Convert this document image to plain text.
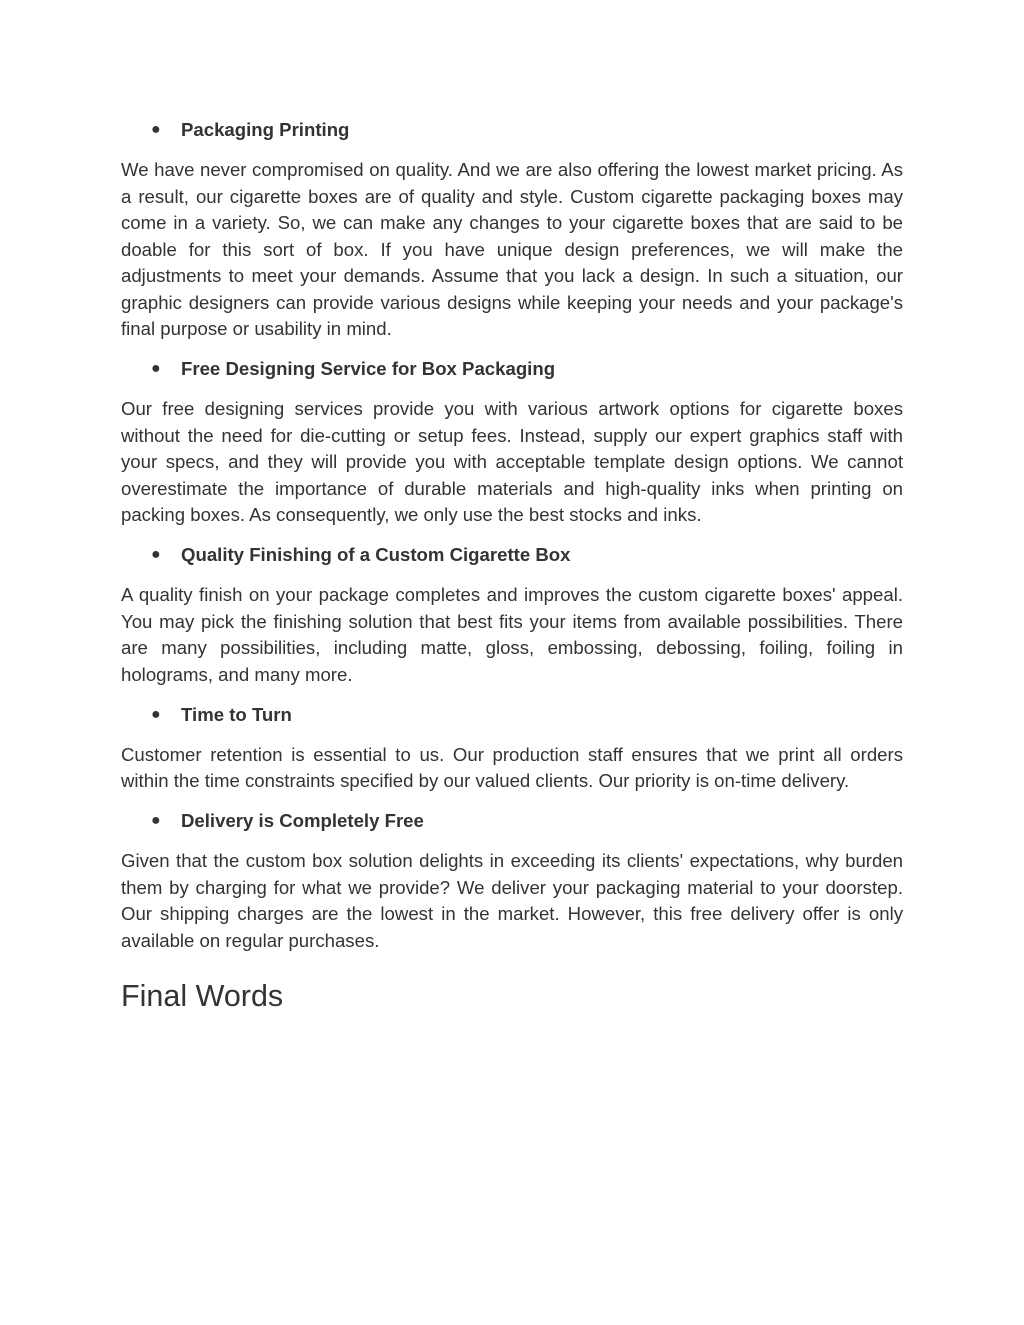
● Packaging Printing

We have never compromised on quality. And we are also offering the lowest market pricing. As a result, our cigarette boxes are of quality and style. Custom cigarette packaging boxes may come in a variety. So, we can make any changes to your cigarette boxes that are said to be doable for this sort of box. If you have unique design preferences, we will make the adjustments to meet your demands. Assume that you lack a design. In such a situation, our graphic designers can provide various designs while keeping your needs and your package's final purpose or usability in mind.

● Free Designing Service for Box Packaging

Our free designing services provide you with various artwork options for cigarette boxes without the need for die-cutting or setup fees. Instead, supply our expert graphics staff with your specs, and they will provide you with acceptable template design options. We cannot overestimate the importance of durable materials and high-quality inks when printing on packing boxes. As consequently, we only use the best stocks and inks.

● Quality Finishing of a Custom Cigarette Box

A quality finish on your package completes and improves the custom cigarette boxes' appeal. You may pick the finishing solution that best fits your items from available possibilities. There are many possibilities, including matte, gloss, embossing, debossing, foiling, foiling in holograms, and many more.

● Time to Turn

Customer retention is essential to us. Our production staff ensures that we print all orders within the time constraints specified by our valued clients. Our priority is on-time delivery.

● Delivery is Completely Free

Given that the custom box solution delights in exceeding its clients' expectations, why burden them by charging for what we provide? We deliver your packaging material to your doorstep. Our shipping charges are the lowest in the market. However, this free delivery offer is only available on regular purchases.

Final Words
